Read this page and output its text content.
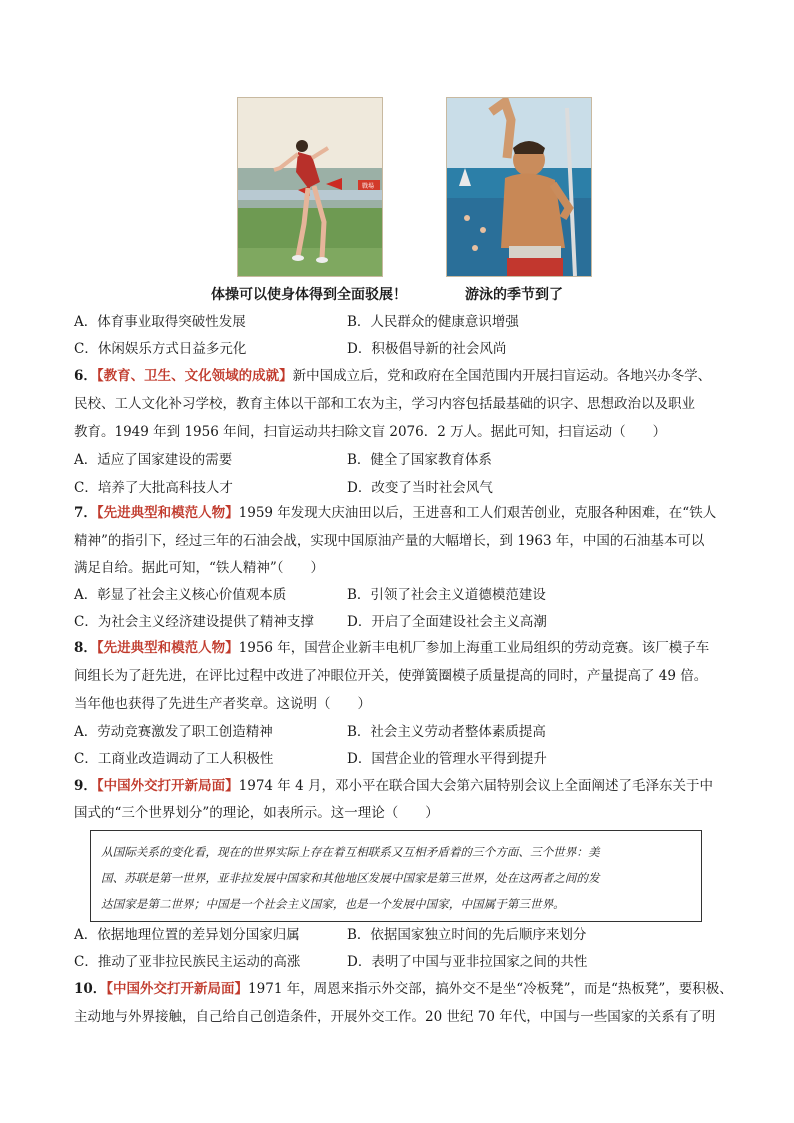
戰場
体操可以使身体得到全面驳展！	游泳的季节到了
A．体育事业取得突破性发展	B．人民群众的健康意识增强
C．休闲娱乐方式日益多元化	D．积极倡导新的社会风尚
6．【教育、卫生、文化领域的成就】新中国成立后，党和政府在全国范围内开展扫盲运动。各地兴办冬学、
民校、工人文化补习学校，教育主体以干部和工农为主，学习内容包括最基础的识字、思想政治以及职业
教育。1949 年到 1956 年间，扫盲运动共扫除文盲 2076．2 万人。据此可知，扫盲运动（　　）
A．适应了国家建设的需要	B．健全了国家教育体系
C．培养了大批高科技人才	D．改变了当时社会风气
7．【先进典型和模范人物】1959 年发现大庆油田以后，王进喜和工人们艰苦创业，克服各种困难，在“铁人
精神”的指引下，经过三年的石油会战，实现中国原油产量的大幅增长，到 1963 年，中国的石油基本可以
满足自给。据此可知，“铁人精神”（　　）
A．彰显了社会主义核心价值观本质	B．引领了社会主义道德模范建设
C．为社会主义经济建设提供了精神支撑 D．开启了全面建设社会主义高潮
8．【先进典型和模范人物】1956 年，国营企业新丰电机厂参加上海重工业局组织的劳动竞赛。该厂模子车
间组长为了赶先进，在评比过程中改进了冲眼位开关，使弹簧圈模子质量提高的同时，产量提高了 49 倍。
当年他也获得了先进生产者奖章。这说明（　　）
A．劳动竞赛激发了职工创造精神	B．社会主义劳动者整体素质提高
C．工商业改造调动了工人积极性	D．国营企业的管理水平得到提升
9．【中国外交打开新局面】1974 年 4 月，邓小平在联合国大会第六届特别会议上全面阐述了毛泽东关于中
国式的“三个世界划分”的理论，如表所示。这一理论（　　）
从国际关系的变化看，现在的世界实际上存在着互相联系又互相矛盾着的三个方面、三个世界：美
国、苏联是第一世界，亚非拉发展中国家和其他地区发展中国家是第三世界，处在这两者之间的发
达国家是第二世界；中国是一个社会主义国家，也是一个发展中国家，中国属于第三世界。
A．依据地理位置的差异划分国家归属	B．依据国家独立时间的先后顺序来划分
C．推动了亚非拉民族民主运动的高涨	D．表明了中国与亚非拉国家之间的共性
10．【中国外交打开新局面】1971 年，周恩来指示外交部，搞外交不是坐“冷板凳”，而是“热板凳”，要积极、
主动地与外界接触，自己给自己创造条件，开展外交工作。20 世纪 70 年代，中国与一些国家的关系有了明
